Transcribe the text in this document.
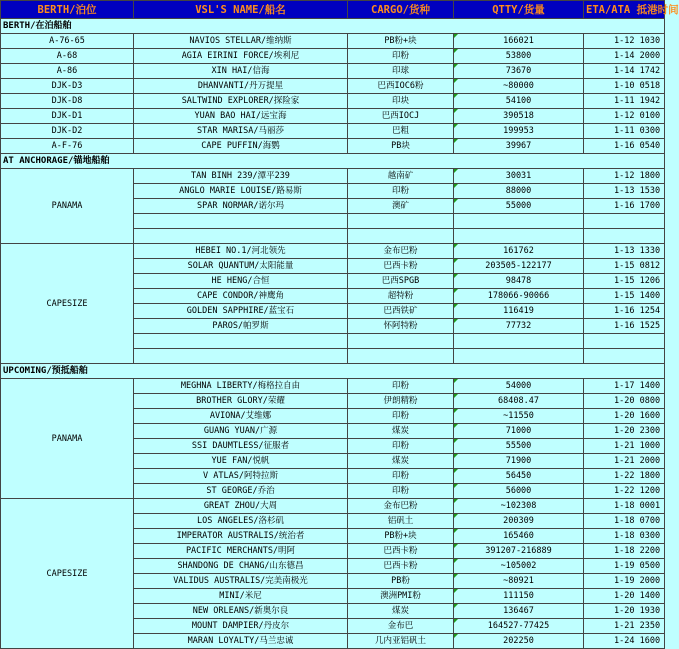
BERTH/泊位	VSL'S NAME/船名	CARGO/货种	QTTY/货量	ETA/ATA 抵港时间
BERTH/在泊船舶				
A-76-65	NAVIOS STELLAR/维纳斯	PB粉+块	166021	1-12 1030
A-68	AGIA EIRINI FORCE/埃利尼	印粉	53800	1-14 2000
A-86	XIN HAI/信海	印球	73670	1-14 1742
DJK-D3	DHANVANTI/丹万提星	巴西IOC6粉	~80000	1-10 0518
DJK-D8	SALTWIND EXPLORER/探险家	印块	54100	1-11 1942
DJK-D1	YUAN BAO HAI/远宝海	巴西IOCJ	390518	1-12 0100
DJK-D2	STAR MARISA/马丽莎	巴粗	199953	1-11 0300
A-F-76	CAPE PUFFIN/海鹦	PB块	39967	1-16 0540
AT ANCHORAGE/锚地船舶				
PANAMA	TAN BINH 239/潭平239	越南矿	30031	1-12 1800
	ANGLO MARIE LOUISE/路易斯	印粉	88000	1-13 1530
	SPAR NORMAR/诺尔玛	澳矿	55000	1-16 1700

CAPESIZE	HEBEI NO.1/河北领先	金布巴粉	161762	1-13 1330
	SOLAR QUANTUM/太阳能量	巴西卡粉	203505-122177	1-15 0812
	HE HENG/合恒	巴西SPGB	98478	1-15 1206
	CAPE CONDOR/神鹰角	超特粉	178066-90066	1-15 1400
	GOLDEN SAPPHIRE/蓝宝石	巴西铁矿	116419	1-16 1254
	PAROS/帕罗斯	怀阿特粉	77732	1-16 1525

UPCOMING/预抵船舶				
PANAMA	MEGHNA LIBERTY/梅格拉自由	印粉	54000	1-17 1400
	BROTHER GLORY/荣耀	伊朗精粉	68408.47	1-20 0800
	AVIONA/艾维娜	印粉	~11550	1-20 1600
	GUANG YUAN/广源	煤炭	71000	1-20 2300
	SSI DAUMTLESS/征服者	印粉	55500	1-21 1000
	YUE FAN/悦帆	煤炭	71900	1-21 2000
	V ATLAS/阿特拉斯	印粉	56450	1-22 1800
	ST GEORGE/乔治	印粉	56000	1-22 1200
CAPESIZE	GREAT ZHOU/大周	金布巴粉	~102308	1-18 0001
	LOS ANGELES/洛杉矶	铝矾土	200309	1-18 0700
	IMPERATOR AUSTRALIS/统治者	PB粉+块	165460	1-18 0300
	PACIFIC MERCHANTS/明阿	巴西卡粉	391207-216889	1-18 2200
	SHANDONG DE CHANG/山东德昌	巴西卡粉	~105002	1-19 0500
	VALIDUS AUSTRALIS/完美南极光	PB粉	~80921	1-19 2000
	MINI/米尼	澳洲PMI粉	111150	1-20 1400
	NEW ORLEANS/新奥尔良	煤炭	136467	1-20 1930
	MOUNT DAMPIER/丹皮尔	金布巴	164527-77425	1-21 2350
	MARAN LOYALTY/马兰忠诚	几内亚铝矾土	202250	1-24 1600
